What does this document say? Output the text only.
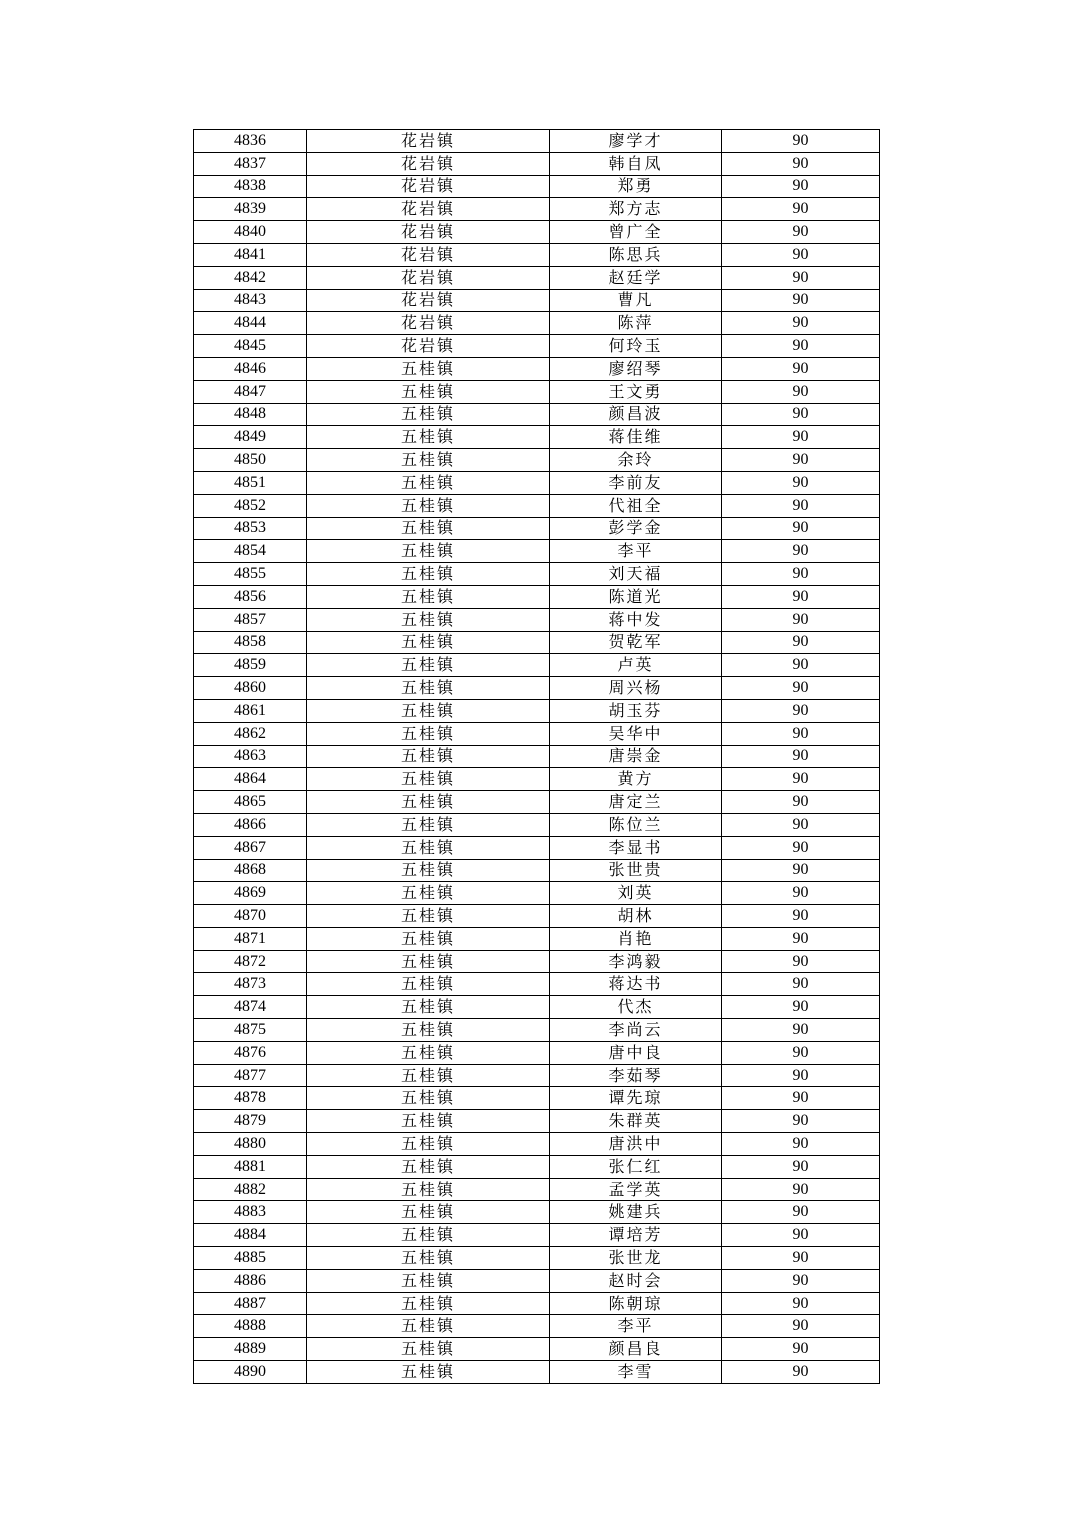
4836	花岩镇	廖学才	90
4837	花岩镇	韩自凤	90
4838	花岩镇	郑勇	90
4839	花岩镇	郑方志	90
4840	花岩镇	曾广全	90
4841	花岩镇	陈思兵	90
4842	花岩镇	赵廷学	90
4843	花岩镇	曹凡	90
4844	花岩镇	陈萍	90
4845	花岩镇	何玲玉	90
4846	五桂镇	廖绍琴	90
4847	五桂镇	王文勇	90
4848	五桂镇	颜昌波	90
4849	五桂镇	蒋佳维	90
4850	五桂镇	余玲	90
4851	五桂镇	李前友	90
4852	五桂镇	代祖全	90
4853	五桂镇	彭学金	90
4854	五桂镇	李平	90
4855	五桂镇	刘天福	90
4856	五桂镇	陈道光	90
4857	五桂镇	蒋中发	90
4858	五桂镇	贺乾军	90
4859	五桂镇	卢英	90
4860	五桂镇	周兴杨	90
4861	五桂镇	胡玉芬	90
4862	五桂镇	吴华中	90
4863	五桂镇	唐崇金	90
4864	五桂镇	黄方	90
4865	五桂镇	唐定兰	90
4866	五桂镇	陈位兰	90
4867	五桂镇	李显书	90
4868	五桂镇	张世贵	90
4869	五桂镇	刘英	90
4870	五桂镇	胡林	90
4871	五桂镇	肖艳	90
4872	五桂镇	李鸿毅	90
4873	五桂镇	蒋达书	90
4874	五桂镇	代杰	90
4875	五桂镇	李尚云	90
4876	五桂镇	唐中良	90
4877	五桂镇	李茹琴	90
4878	五桂镇	谭先琼	90
4879	五桂镇	朱群英	90
4880	五桂镇	唐洪中	90
4881	五桂镇	张仁红	90
4882	五桂镇	孟学英	90
4883	五桂镇	姚建兵	90
4884	五桂镇	谭培芳	90
4885	五桂镇	张世龙	90
4886	五桂镇	赵时会	90
4887	五桂镇	陈朝琼	90
4888	五桂镇	李平	90
4889	五桂镇	颜昌良	90
4890	五桂镇	李雪	90
